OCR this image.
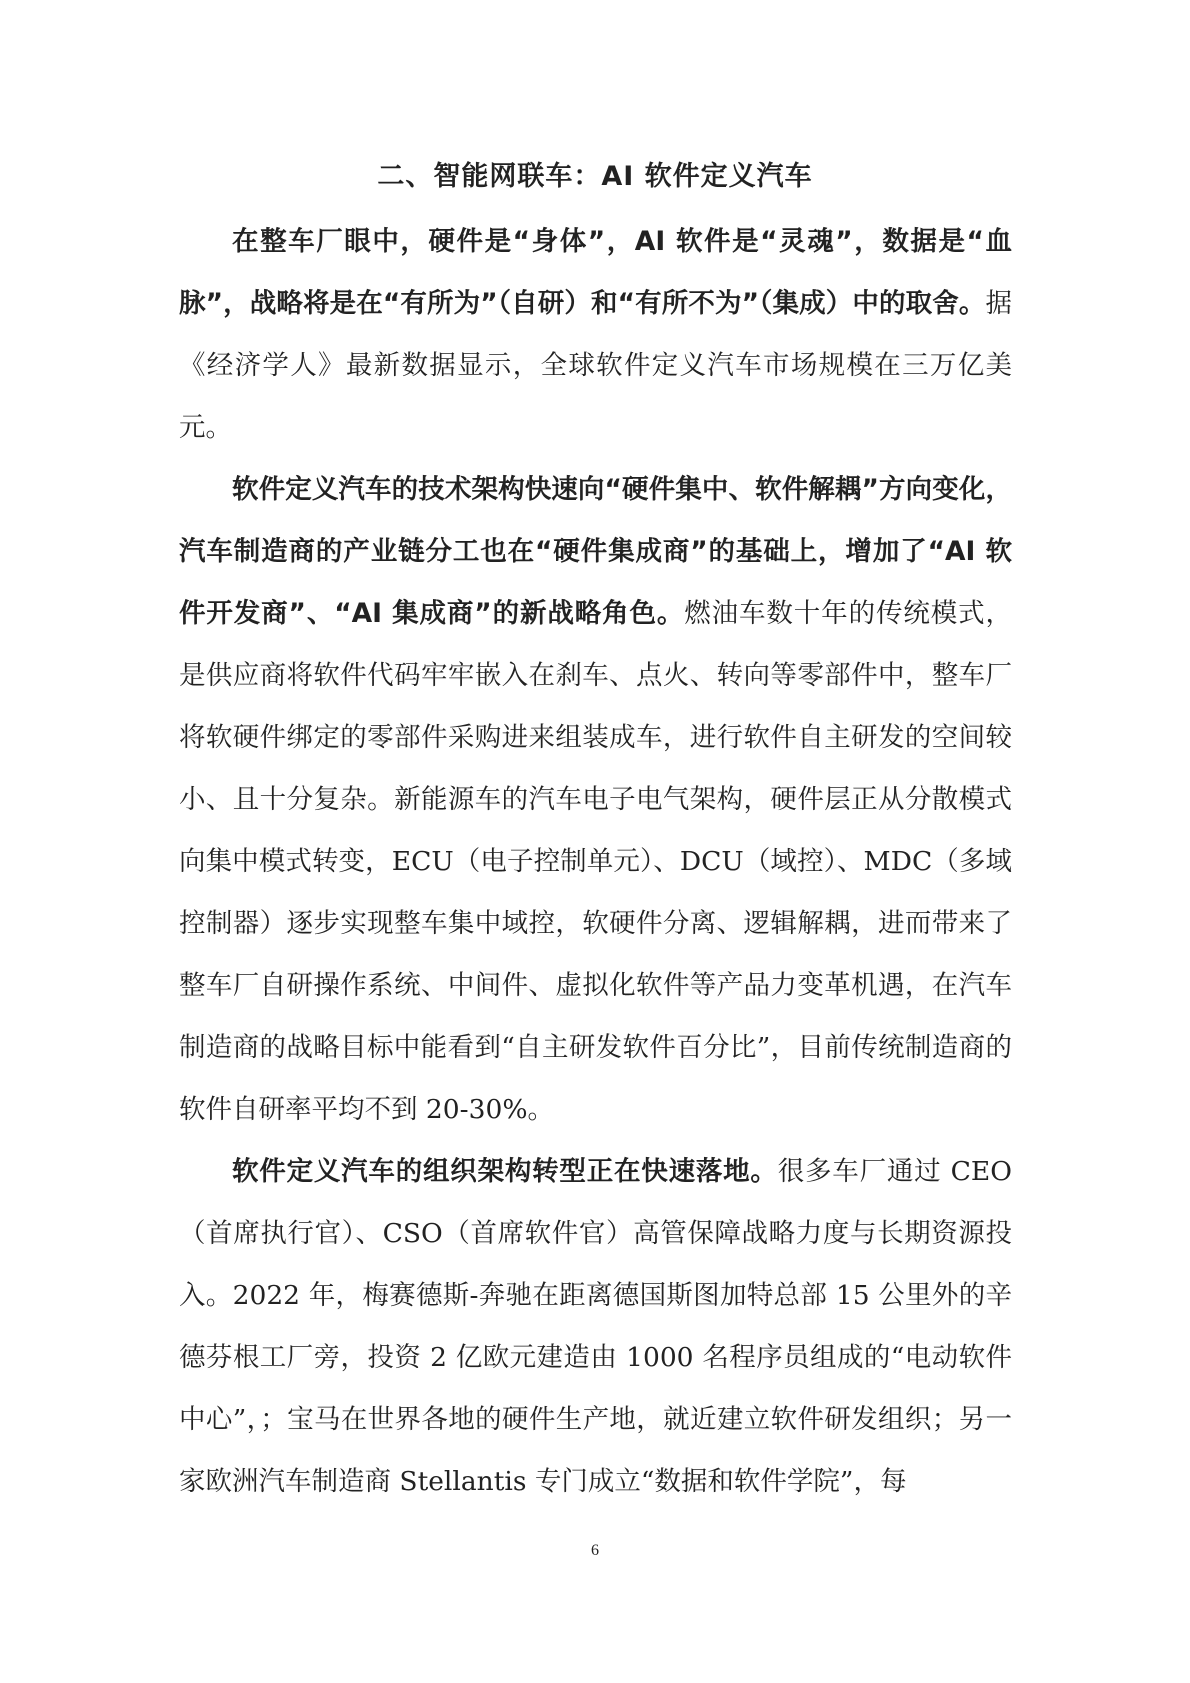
二、智能网联车：AI 软件定义汽车

在整车厂眼中，硬件是“身体”，AI 软件是“灵魂”，数据是“血脉”，战略将是在“有所为”（自研）和“有所不为”（集成）中的取舍。据《经济学人》最新数据显示，全球软件定义汽车市场规模在三万亿美元。

软件定义汽车的技术架构快速向“硬件集中、软件解耦”方向变化，汽车制造商的产业链分工也在“硬件集成商”的基础上，增加了“AI 软件开发商”、“AI 集成商”的新战略角色。燃油车数十年的传统模式，是供应商将软件代码牢牢嵌入在刹车、点火、转向等零部件中，整车厂将软硬件绑定的零部件采购进来组装成车，进行软件自主研发的空间较小、且十分复杂。新能源车的汽车电子电气架构，硬件层正从分散模式向集中模式转变，ECU（电子控制单元）、DCU（域控）、MDC（多域控制器）逐步实现整车集中域控，软硬件分离、逻辑解耦，进而带来了整车厂自研操作系统、中间件、虚拟化软件等产品力变革机遇，在汽车制造商的战略目标中能看到“自主研发软件百分比”，目前传统制造商的软件自研率平均不到 20-30%。

软件定义汽车的组织架构转型正在快速落地。很多车厂通过 CEO（首席执行官）、CSO（首席软件官）高管保障战略力度与长期资源投入。2022 年，梅赛德斯-奔驰在距离德国斯图加特总部 15 公里外的辛德芬根工厂旁，投资 2 亿欧元建造由 1000 名程序员组成的“电动软件中心”，；宝马在世界各地的硬件生产地，就近建立软件研发组织；另一家欧洲汽车制造商 Stellantis 专门成立“数据和软件学院”，每

6
